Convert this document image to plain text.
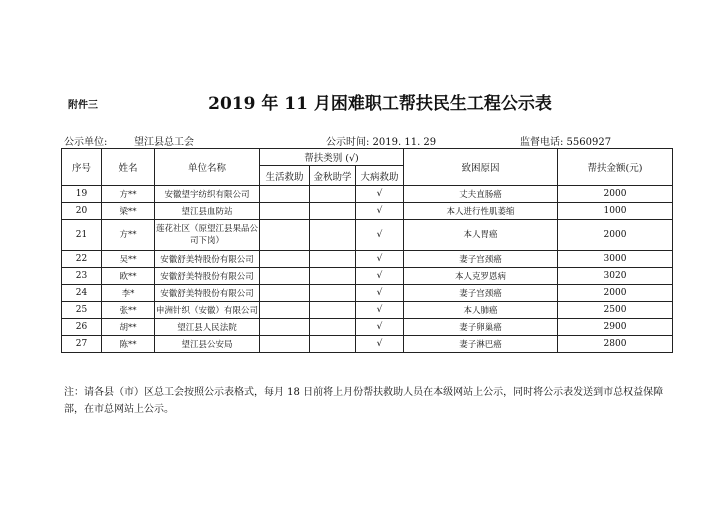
附件三	2019 年 11 月困难职工帮扶民生工程公示表
公示单位:	望江县总工会	公示时间: 2019. 11. 29	监督电话: 5560927
序号	姓名	单位名称	帮扶类别 (√)			致困原因	帮扶金额(元)
			生活救助	金秋助学	大病救助		
19	方**	安徽望宇纺织有限公司			√	丈夫直肠癌	2000
20	梁**	望江县血防站			√	本人进行性肌萎缩	1000
21	方**	莲花社区（原望江县果品公司下岗）			√	本人胃癌	2000
22	吴**	安徽舒美特股份有限公司			√	妻子宫颈癌	3000
23	欧**	安徽舒美特股份有限公司			√	本人克罗恩病	3020
24	李*	安徽舒美特股份有限公司			√	妻子宫颈癌	2000
25	张**	申洲针织（安徽）有限公司			√	本人肺癌	2500
26	胡**	望江县人民法院			√	妻子卵巢癌	2900
27	陈**	望江县公安局			√	妻子淋巴癌	2800
注：请各县（市）区总工会按照公示表格式，每月 18 日前将上月份帮扶救助人员在本级网站上公示，同时将公示表发送到市总权益保障部，在市总网站上公示。
